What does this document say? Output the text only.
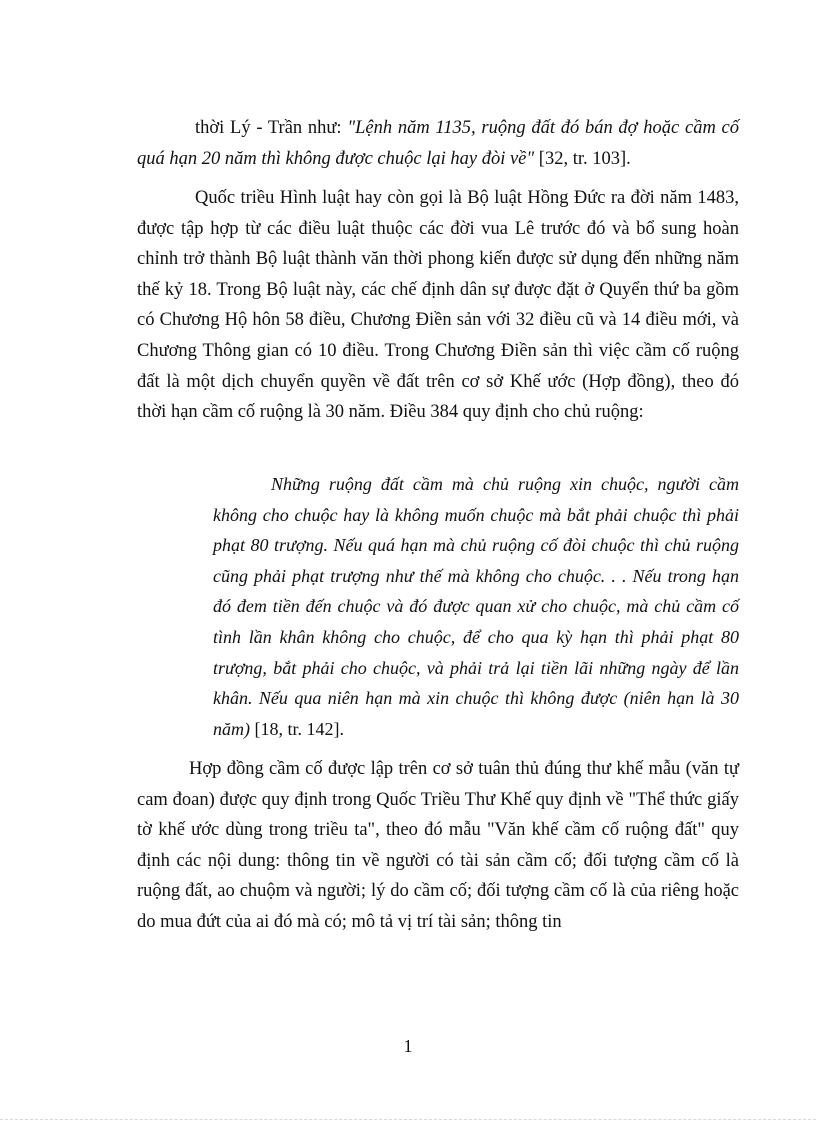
thời Lý - Trần như: "Lệnh năm 1135, ruộng đất đó bán đợ hoặc cầm cố quá hạn 20 năm thì không được chuộc lại hay đòi về" [32, tr. 103].

Quốc triều Hình luật hay còn gọi là Bộ luật Hồng Đức ra đời năm 1483, được tập hợp từ các điều luật thuộc các đời vua Lê trước đó và bổ sung hoàn chỉnh trở thành Bộ luật thành văn thời phong kiến được sử dụng đến những năm thế kỷ 18. Trong Bộ luật này, các chế định dân sự được đặt ở Quyển thứ ba gồm có Chương Hộ hôn 58 điều, Chương Điền sản với 32 điều cũ và 14 điều mới, và Chương Thông gian có 10 điều. Trong Chương Điền sản thì việc cầm cố ruộng đất là một dịch chuyển quyền về đất trên cơ sở Khế ước (Hợp đồng), theo đó thời hạn cầm cố ruộng là 30 năm. Điều 384 quy định cho chủ ruộng:

Những ruộng đất cầm mà chủ ruộng xin chuộc, người cầm không cho chuộc hay là không muốn chuộc mà bắt phải chuộc thì phải phạt 80 trượng. Nếu quá hạn mà chủ ruộng cố đòi chuộc thì chủ ruộng cũng phải phạt trượng như thế mà không cho chuộc. . . Nếu trong hạn đó đem tiền đến chuộc và đó được quan xử cho chuộc, mà chủ cầm cố tình lần khân không cho chuộc, để cho qua kỳ hạn thì phải phạt 80 trượng, bắt phải cho chuộc, và phải trả lại tiền lãi những ngày để lần khân. Nếu qua niên hạn mà xin chuộc thì không được (niên hạn là 30 năm) [18, tr. 142].

Hợp đồng cầm cố được lập trên cơ sở tuân thủ đúng thư khế mẫu (văn tự cam đoan) được quy định trong Quốc Triều Thư Khế quy định về "Thể thức giấy tờ khế ước dùng trong triều ta", theo đó mẫu "Văn khế cầm cố ruộng đất" quy định các nội dung: thông tin về người có tài sản cầm cố; đối tượng cầm cố là ruộng đất, ao chuộm và người; lý do cầm cố; đối tượng cầm cố là của riêng hoặc do mua đứt của ai đó mà có; mô tả vị trí tài sản; thông tin

1
